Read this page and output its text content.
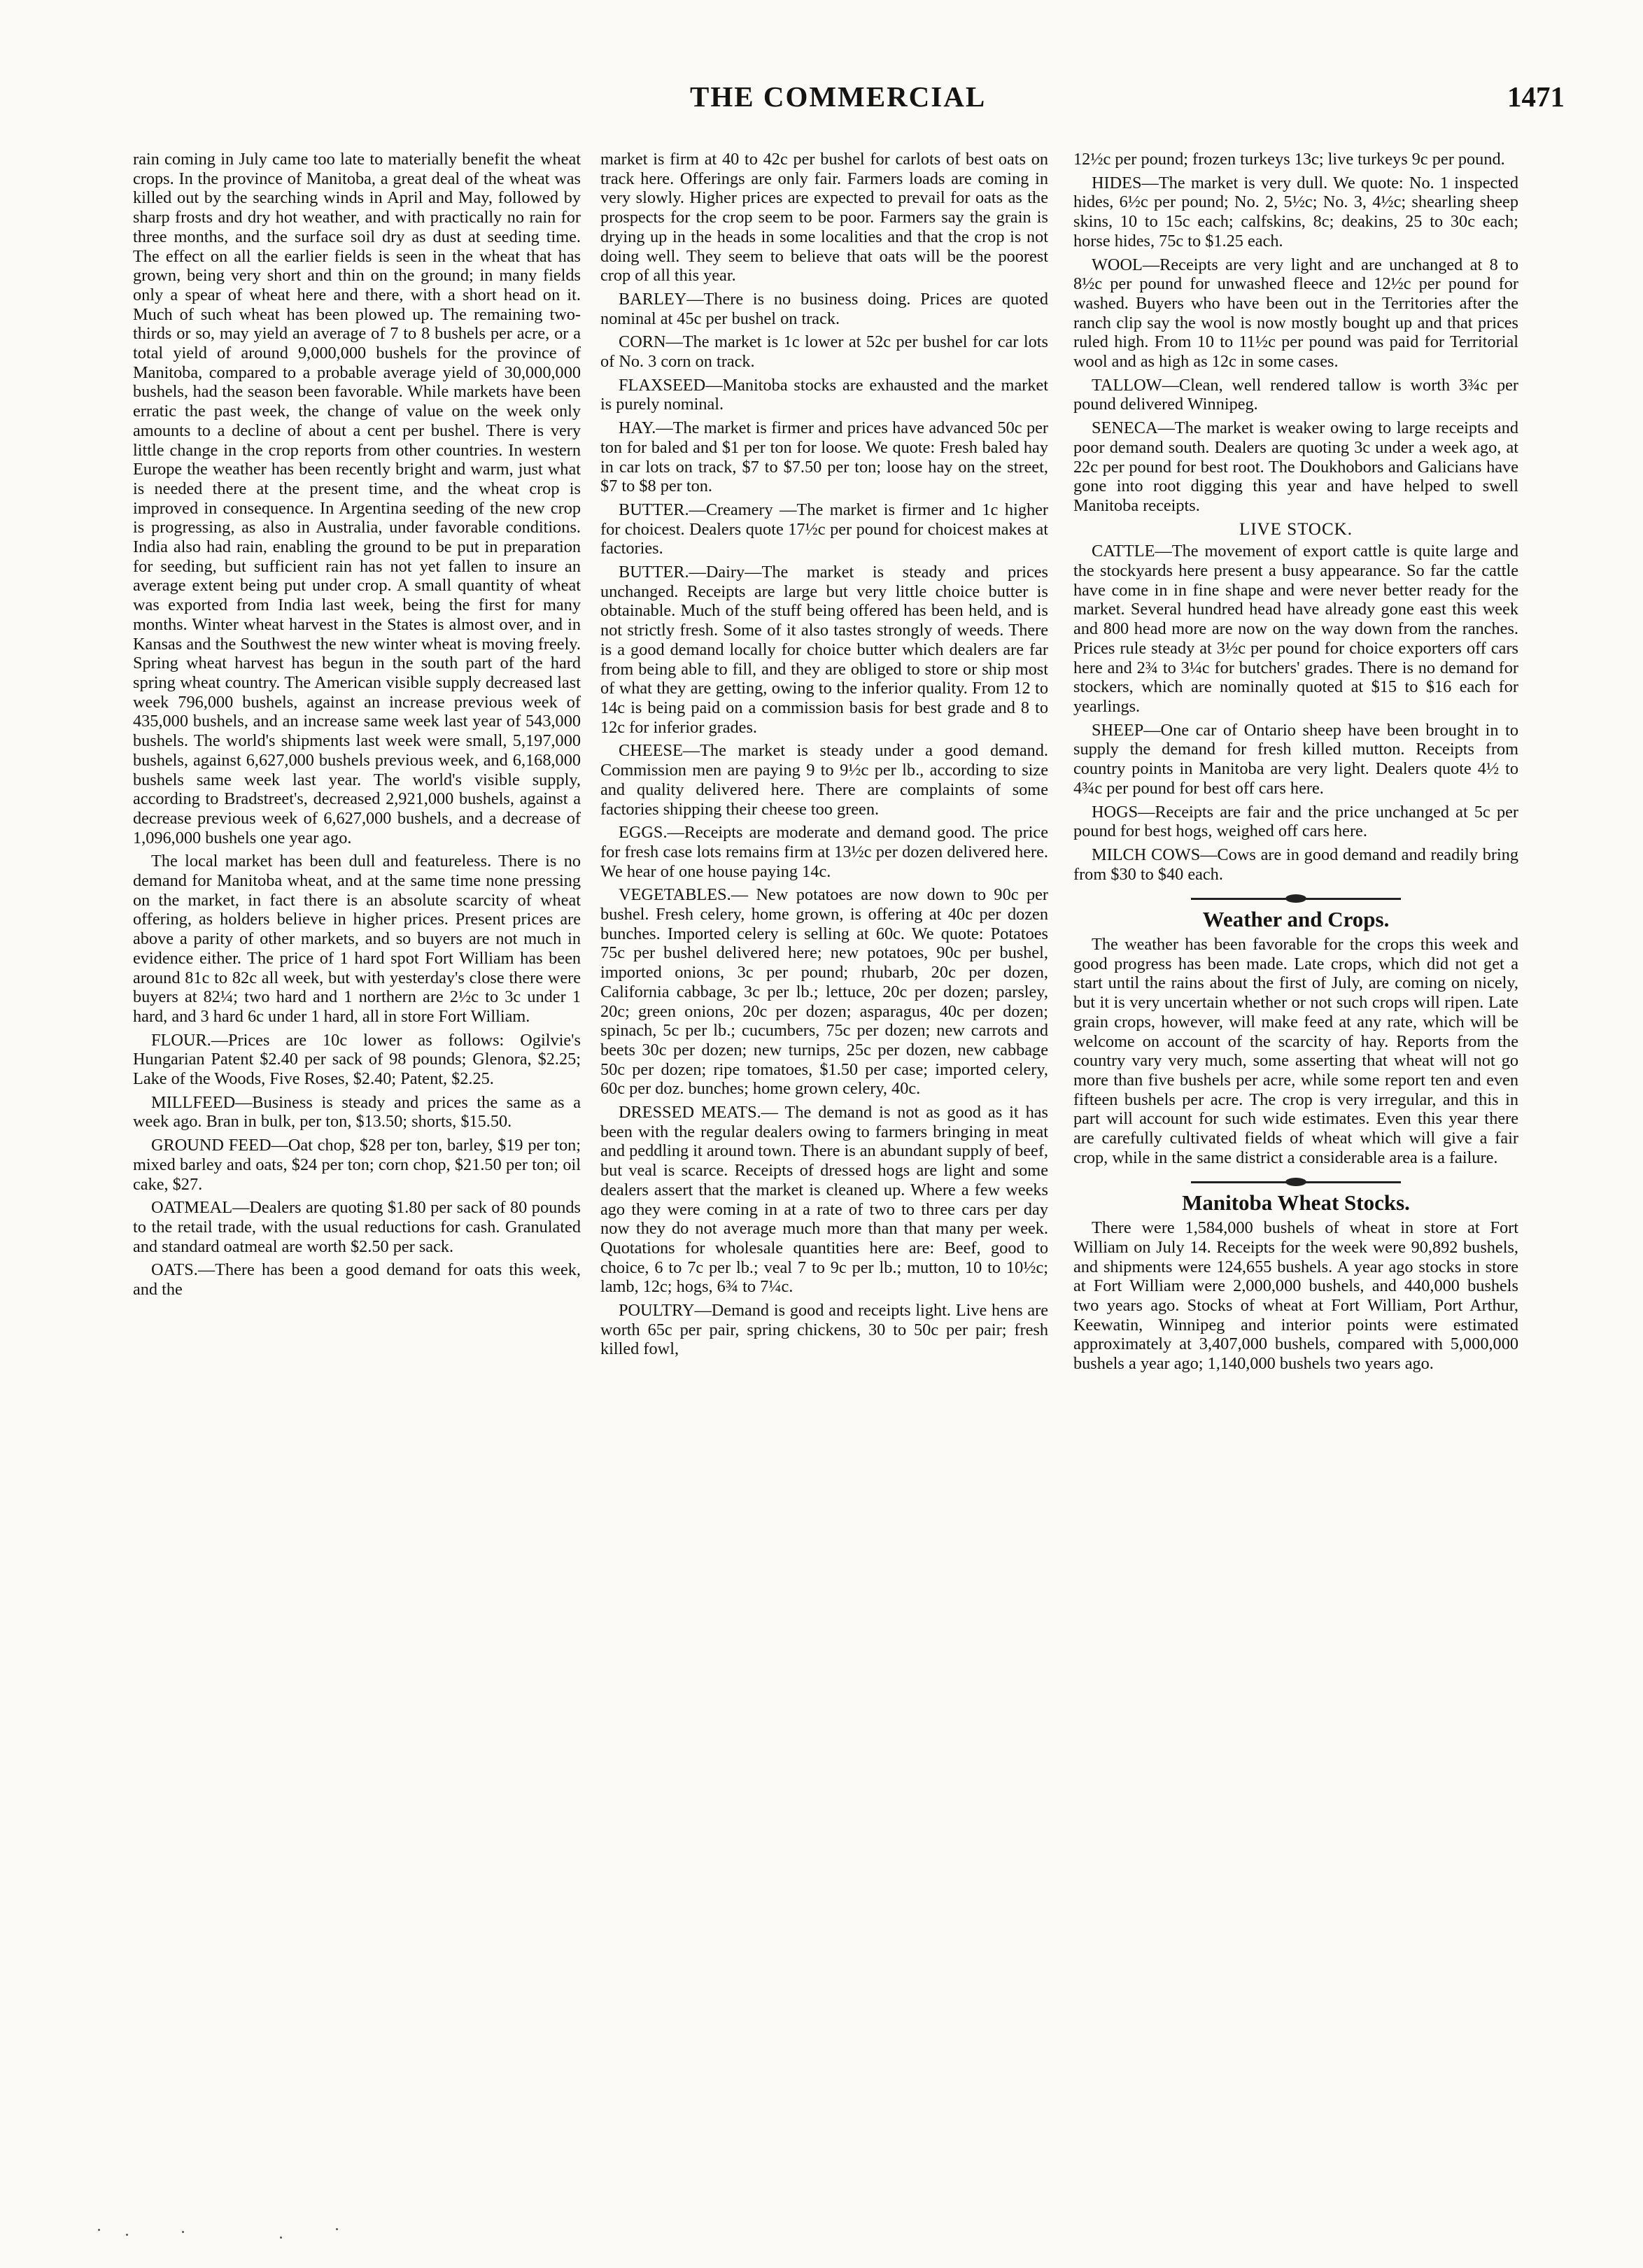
THE COMMERCIAL	1471

rain coming in July came too late to materially benefit the wheat crops. In the province of Manitoba, a great deal of the wheat was killed out by the searching winds in April and May, followed by sharp frosts and dry hot weather, and with practically no rain for three months, and the surface soil dry as dust at seeding time. The effect on all the earlier fields is seen in the wheat that has grown, being very short and thin on the ground; in many fields only a spear of wheat here and there, with a short head on it. Much of such wheat has been plowed up. The remaining two-thirds or so, may yield an average of 7 to 8 bushels per acre, or a total yield of around 9,000,000 bushels for the province of Manitoba, compared to a probable average yield of 30,000,000 bushels, had the season been favorable. While markets have been erratic the past week, the change of value on the week only amounts to a decline of about a cent per bushel. There is very little change in the crop reports from other countries. In western Europe the weather has been recently bright and warm, just what is needed there at the present time, and the wheat crop is improved in consequence. In Argentina seeding of the new crop is progressing, as also in Australia, under favorable conditions. India also had rain, enabling the ground to be put in preparation for seeding, but sufficient rain has not yet fallen to insure an average extent being put under crop. A small quantity of wheat was exported from India last week, being the first for many months. Winter wheat harvest in the States is almost over, and in Kansas and the Southwest the new winter wheat is moving freely. Spring wheat harvest has begun in the south part of the hard spring wheat country. The American visible supply decreased last week 796,000 bushels, against an increase previous week of 435,000 bushels, and an increase same week last year of 543,000 bushels. The world's shipments last week were small, 5,197,000 bushels, against 6,627,000 bushels previous week, and 6,168,000 bushels same week last year. The world's visible supply, according to Bradstreet's, decreased 2,921,000 bushels, against a decrease previous week of 6,627,000 bushels, and a decrease of 1,096,000 bushels one year ago.

The local market has been dull and featureless. There is no demand for Manitoba wheat, and at the same time none pressing on the market, in fact there is an absolute scarcity of wheat offering, as holders believe in higher prices. Present prices are above a parity of other markets, and so buyers are not much in evidence either. The price of 1 hard spot Fort William has been around 81c to 82c all week, but with yesterday's close there were buyers at 82¼; two hard and 1 northern are 2½c to 3c under 1 hard, and 3 hard 6c under 1 hard, all in store Fort William.

FLOUR.—Prices are 10c lower as follows: Ogilvie's Hungarian Patent $2.40 per sack of 98 pounds; Glenora, $2.25; Lake of the Woods, Five Roses, $2.40; Patent, $2.25.

MILLFEED—Business is steady and prices the same as a week ago. Bran in bulk, per ton, $13.50; shorts, $15.50.

GROUND FEED—Oat chop, $28 per ton, barley, $19 per ton; mixed barley and oats, $24 per ton; corn chop, $21.50 per ton; oil cake, $27.

OATMEAL—Dealers are quoting $1.80 per sack of 80 pounds to the retail trade, with the usual reductions for cash. Granulated and standard oatmeal are worth $2.50 per sack.

OATS.—There has been a good demand for oats this week, and the

market is firm at 40 to 42c per bushel for carlots of best oats on track here. Offerings are only fair. Farmers loads are coming in very slowly. Higher prices are expected to prevail for oats as the prospects for the crop seem to be poor. Farmers say the grain is drying up in the heads in some localities and that the crop is not doing well. They seem to believe that oats will be the poorest crop of all this year.

BARLEY—There is no business doing. Prices are quoted nominal at 45c per bushel on track.

CORN—The market is 1c lower at 52c per bushel for car lots of No. 3 corn on track.

FLAXSEED—Manitoba stocks are exhausted and the market is purely nominal.

HAY.—The market is firmer and prices have advanced 50c per ton for baled and $1 per ton for loose. We quote: Fresh baled hay in car lots on track, $7 to $7.50 per ton; loose hay on the street, $7 to $8 per ton.

BUTTER.—Creamery —The market is firmer and 1c higher for choicest. Dealers quote 17½c per pound for choicest makes at factories.

BUTTER.—Dairy—The market is steady and prices unchanged. Receipts are large but very little choice butter is obtainable. Much of the stuff being offered has been held, and is not strictly fresh. Some of it also tastes strongly of weeds. There is a good demand locally for choice butter which dealers are far from being able to fill, and they are obliged to store or ship most of what they are getting, owing to the inferior quality. From 12 to 14c is being paid on a commission basis for best grade and 8 to 12c for inferior grades.

CHEESE—The market is steady under a good demand. Commission men are paying 9 to 9½c per lb., according to size and quality delivered here. There are complaints of some factories shipping their cheese too green.

EGGS.—Receipts are moderate and demand good. The price for fresh case lots remains firm at 13½c per dozen delivered here. We hear of one house paying 14c.

VEGETABLES.— New potatoes are now down to 90c per bushel. Fresh celery, home grown, is offering at 40c per dozen bunches. Imported celery is selling at 60c. We quote: Potatoes 75c per bushel delivered here; new potatoes, 90c per bushel, imported onions, 3c per pound; rhubarb, 20c per dozen, California cabbage, 3c per lb.; lettuce, 20c per dozen; parsley, 20c; green onions, 20c per dozen; asparagus, 40c per dozen; spinach, 5c per lb.; cucumbers, 75c per dozen; new carrots and beets 30c per dozen; new turnips, 25c per dozen, new cabbage 50c per dozen; ripe tomatoes, $1.50 per case; imported celery, 60c per doz. bunches; home grown celery, 40c.

DRESSED MEATS.— The demand is not as good as it has been with the regular dealers owing to farmers bringing in meat and peddling it around town. There is an abundant supply of beef, but veal is scarce. Receipts of dressed hogs are light and some dealers assert that the market is cleaned up. Where a few weeks ago they were coming in at a rate of two to three cars per day now they do not average much more than that many per week. Quotations for wholesale quantities here are: Beef, good to choice, 6 to 7c per lb.; veal 7 to 9c per lb.; mutton, 10 to 10½c; lamb, 12c; hogs, 6¾ to 7¼c.

POULTRY—Demand is good and receipts light. Live hens are worth 65c per pair, spring chickens, 30 to 50c per pair; fresh killed fowl,

12½c per pound; frozen turkeys 13c; live turkeys 9c per pound.

HIDES—The market is very dull. We quote: No. 1 inspected hides, 6½c per pound; No. 2, 5½c; No. 3, 4½c; shearling sheep skins, 10 to 15c each; calfskins, 8c; deakins, 25 to 30c each; horse hides, 75c to $1.25 each.

WOOL—Receipts are very light and are unchanged at 8 to 8½c per pound for unwashed fleece and 12½c per pound for washed. Buyers who have been out in the Territories after the ranch clip say the wool is now mostly bought up and that prices ruled high. From 10 to 11½c per pound was paid for Territorial wool and as high as 12c in some cases.

TALLOW—Clean, well rendered tallow is worth 3¾c per pound delivered Winnipeg.

SENECA—The market is weaker owing to large receipts and poor demand south. Dealers are quoting 3c under a week ago, at 22c per pound for best root. The Doukhobors and Galicians have gone into root digging this year and have helped to swell Manitoba receipts.

LIVE STOCK.

CATTLE—The movement of export cattle is quite large and the stockyards here present a busy appearance. So far the cattle have come in in fine shape and were never better ready for the market. Several hundred head have already gone east this week and 800 head more are now on the way down from the ranches. Prices rule steady at 3½c per pound for choice exporters off cars here and 2¾ to 3¼c for butchers' grades. There is no demand for stockers, which are nominally quoted at $15 to $16 each for yearlings.

SHEEP—One car of Ontario sheep have been brought in to supply the demand for fresh killed mutton. Receipts from country points in Manitoba are very light. Dealers quote 4½ to 4¾c per pound for best off cars here.

HOGS—Receipts are fair and the price unchanged at 5c per pound for best hogs, weighed off cars here.

MILCH COWS—Cows are in good demand and readily bring from $30 to $40 each.

Weather and Crops.

The weather has been favorable for the crops this week and good progress has been made. Late crops, which did not get a start until the rains about the first of July, are coming on nicely, but it is very uncertain whether or not such crops will ripen. Late grain crops, however, will make feed at any rate, which will be welcome on account of the scarcity of hay. Reports from the country vary very much, some asserting that wheat will not go more than five bushels per acre, while some report ten and even fifteen bushels per acre. The crop is very irregular, and this in part will account for such wide estimates. Even this year there are carefully cultivated fields of wheat which will give a fair crop, while in the same district a considerable area is a failure.

Manitoba Wheat Stocks.

There were 1,584,000 bushels of wheat in store at Fort William on July 14. Receipts for the week were 90,892 bushels, and shipments were 124,655 bushels. A year ago stocks in store at Fort William were 2,000,000 bushels, and 440,000 bushels two years ago. Stocks of wheat at Fort William, Port Arthur, Keewatin, Winnipeg and interior points were estimated approximately at 3,407,000 bushels, compared with 5,000,000 bushels a year ago; 1,140,000 bushels two years ago.
